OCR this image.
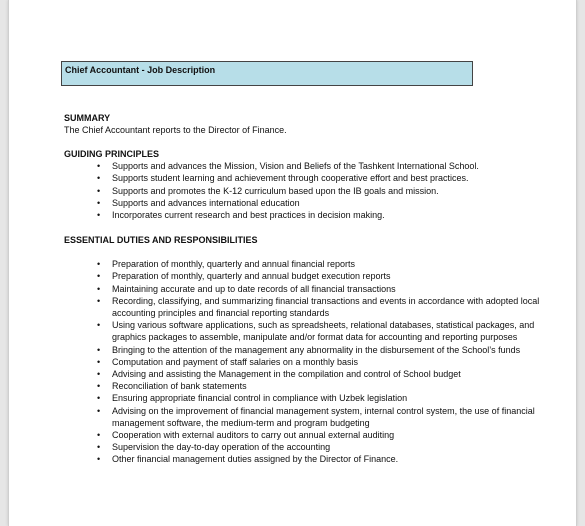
Chief Accountant - Job Description
SUMMARY
The Chief Accountant reports to the Director of Finance.
GUIDING PRINCIPLES
• Supports and advances the Mission, Vision and Beliefs of the Tashkent International School.
• Supports student learning and achievement through cooperative effort and best practices.
• Supports and promotes the K-12 curriculum based upon the IB goals and mission.
• Supports and advances international education
• Incorporates current research and best practices in decision making.
ESSENTIAL DUTIES AND RESPONSIBILITIES
• Preparation of monthly, quarterly and annual financial reports
• Preparation of monthly, quarterly and annual budget execution reports
• Maintaining accurate and up to date records of all financial transactions
• Recording, classifying, and summarizing financial transactions and events in accordance with adopted local accounting principles and financial reporting standards
• Using various software applications, such as spreadsheets, relational databases, statistical packages, and graphics packages to assemble, manipulate and/or format data for accounting and reporting purposes
• Bringing to the attention of the management any abnormality in the disbursement of the School’s funds
• Computation and payment of staff salaries on a monthly basis
• Advising and assisting the Management in the compilation and control of School budget
• Reconciliation of bank statements
• Ensuring appropriate financial control in compliance with Uzbek legislation
• Advising on the improvement of financial management system, internal control system, the use of financial management software, the medium-term and program budgeting
• Cooperation with external auditors to carry out annual external auditing
• Supervision the day-to-day operation of the accounting
• Other financial management duties assigned by the Director of Finance.
